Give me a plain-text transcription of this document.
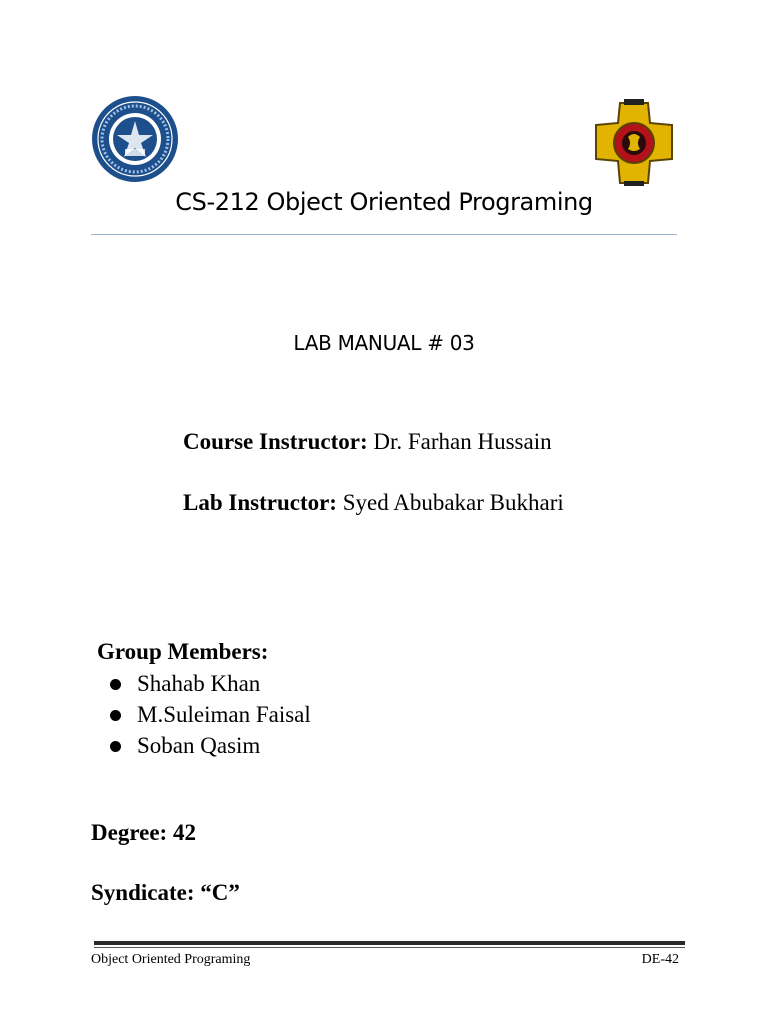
CS-212 Object Oriented Programing
LAB MANUAL # 03
Course Instructor: Dr. Farhan Hussain
Lab Instructor: Syed Abubakar Bukhari
Group Members:
Shahab Khan
M.Suleiman Faisal
Soban Qasim
Degree: 42
Syndicate: “C”
Object Oriented Programing	DE-42
